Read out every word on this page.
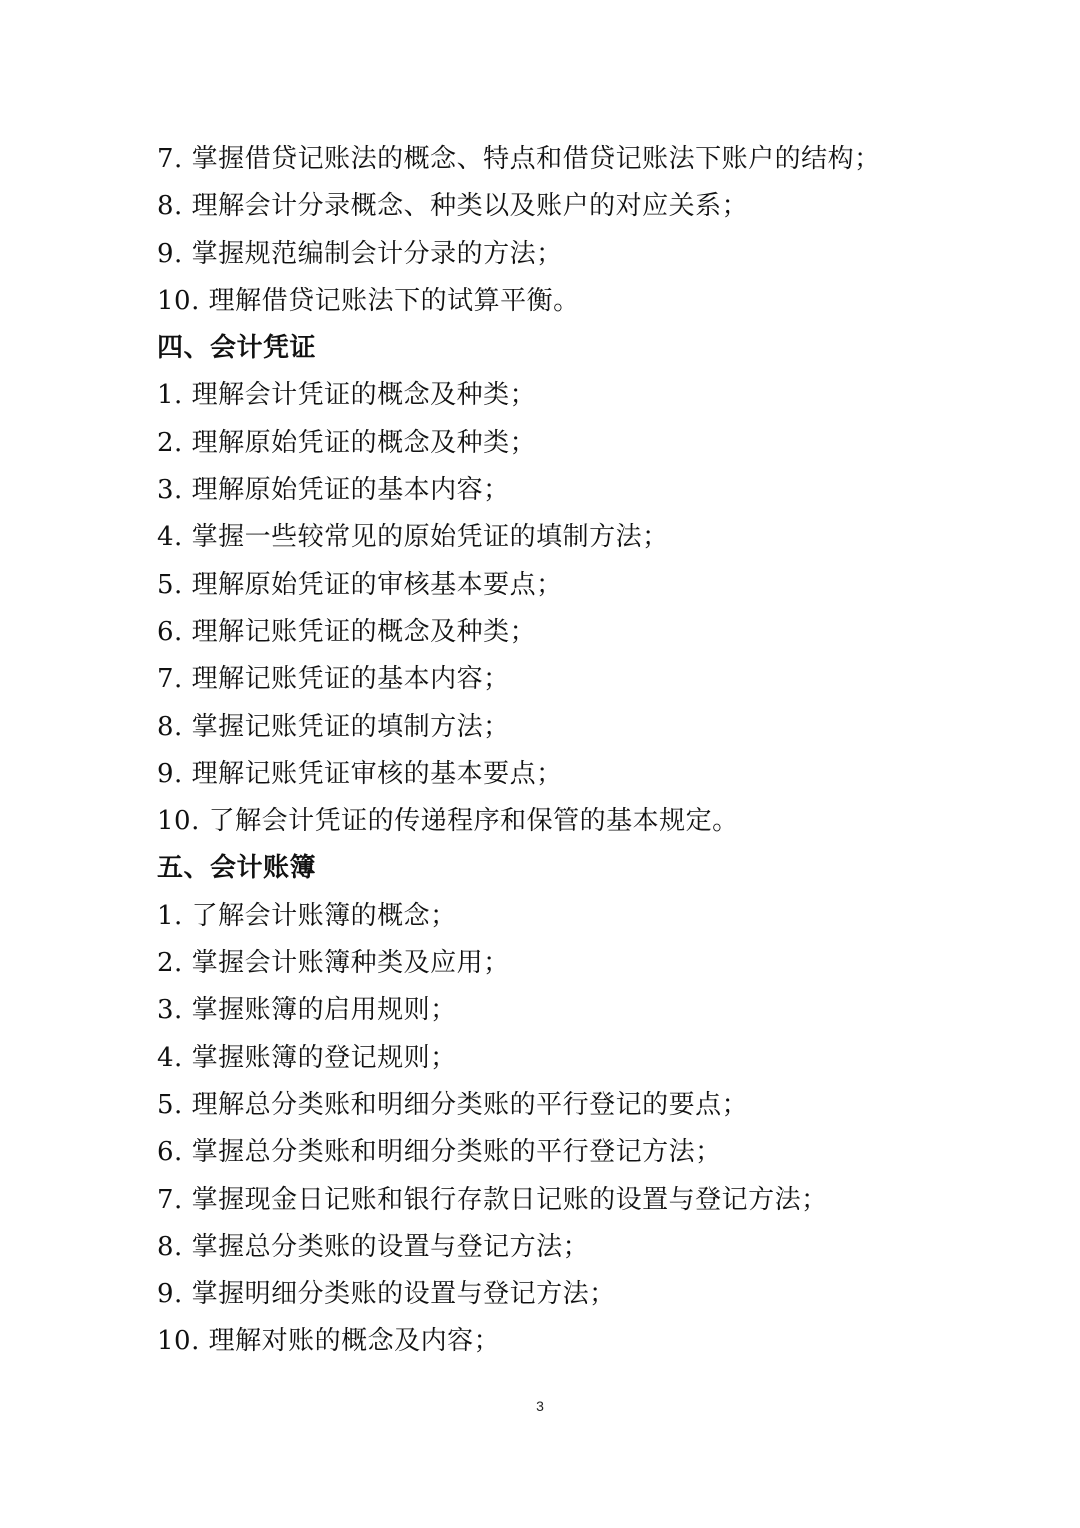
7. 掌握借贷记账法的概念、特点和借贷记账法下账户的结构；
8. 理解会计分录概念、种类以及账户的对应关系；
9. 掌握规范编制会计分录的方法；
10. 理解借贷记账法下的试算平衡。
四、会计凭证
1. 理解会计凭证的概念及种类；
2. 理解原始凭证的概念及种类；
3. 理解原始凭证的基本内容；
4. 掌握一些较常见的原始凭证的填制方法；
5. 理解原始凭证的审核基本要点；
6. 理解记账凭证的概念及种类；
7. 理解记账凭证的基本内容；
8. 掌握记账凭证的填制方法；
9. 理解记账凭证审核的基本要点；
10. 了解会计凭证的传递程序和保管的基本规定。
五、会计账簿
1. 了解会计账簿的概念；
2. 掌握会计账簿种类及应用；
3. 掌握账簿的启用规则；
4. 掌握账簿的登记规则；
5. 理解总分类账和明细分类账的平行登记的要点；
6. 掌握总分类账和明细分类账的平行登记方法；
7. 掌握现金日记账和银行存款日记账的设置与登记方法；
8. 掌握总分类账的设置与登记方法；
9. 掌握明细分类账的设置与登记方法；
10. 理解对账的概念及内容；
3
